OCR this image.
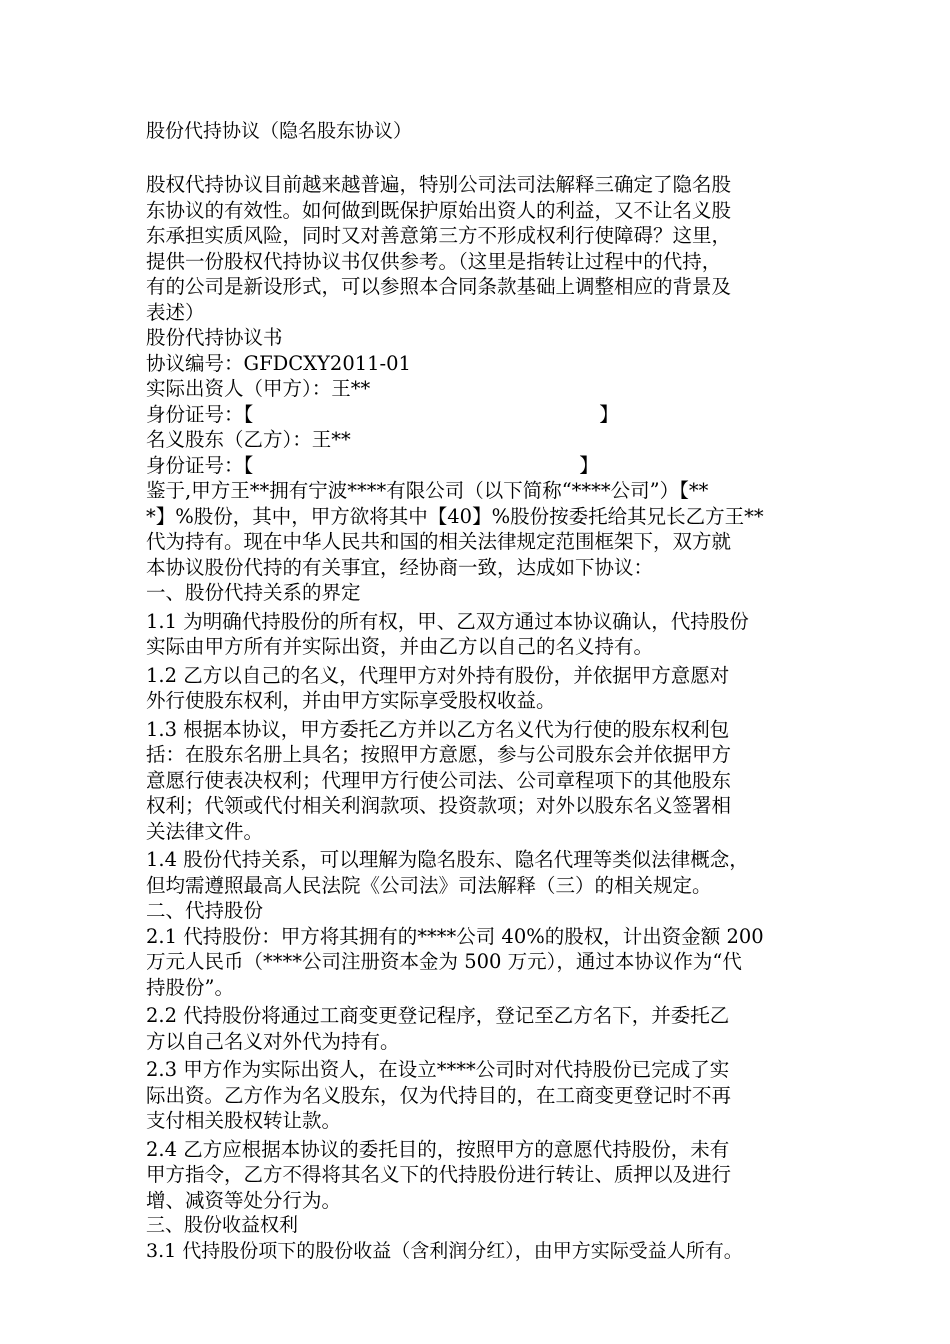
股份代持协议（隐名股东协议）

股权代持协议目前越来越普遍，特别公司法司法解释三确定了隐名股
东协议的有效性。如何做到既保护原始出资人的利益，又不让名义股
东承担实质风险，同时又对善意第三方不形成权利行使障碍？这里，
提供一份股权代持协议书仅供参考。（这里是指转让过程中的代持，
有的公司是新设形式，可以参照本合同条款基础上调整相应的背景及
表述）
股份代持协议书
协议编号：GFDCXY2011-01
实际出资人（甲方）：王**
身份证号：【	】
名义股东（乙方）：王**
身份证号：【	】
鉴于,甲方王**拥有宁波****有限公司（以下简称“****公司”）【**
*】%股份，其中，甲方欲将其中【40】%股份按委托给其兄长乙方王**
代为持有。现在中华人民共和国的相关法律规定范围框架下，双方就
本协议股份代持的有关事宜，经协商一致，达成如下协议：
一、股份代持关系的界定
1.1 为明确代持股份的所有权，甲、乙双方通过本协议确认，代持股份
实际由甲方所有并实际出资，并由乙方以自己的名义持有。
1.2 乙方以自己的名义，代理甲方对外持有股份，并依据甲方意愿对
外行使股东权利，并由甲方实际享受股权收益。
1.3 根据本协议，甲方委托乙方并以乙方名义代为行使的股东权利包
括：在股东名册上具名；按照甲方意愿，参与公司股东会并依据甲方
意愿行使表决权利；代理甲方行使公司法、公司章程项下的其他股东
权利；代领或代付相关利润款项、投资款项；对外以股东名义签署相
关法律文件。
1.4 股份代持关系，可以理解为隐名股东、隐名代理等类似法律概念，
但均需遵照最高人民法院《公司法》司法解释（三）的相关规定。
二、代持股份
2.1 代持股份：甲方将其拥有的****公司 40%的股权，计出资金额 200
万元人民币（****公司注册资本金为 500 万元），通过本协议作为“代
持股份”。
2.2 代持股份将通过工商变更登记程序，登记至乙方名下，并委托乙
方以自己名义对外代为持有。
2.3 甲方作为实际出资人，在设立****公司时对代持股份已完成了实
际出资。乙方作为名义股东，仅为代持目的，在工商变更登记时不再
支付相关股权转让款。
2.4 乙方应根据本协议的委托目的，按照甲方的意愿代持股份，未有
甲方指令，乙方不得将其名义下的代持股份进行转让、质押以及进行
增、减资等处分行为。
三、股份收益权利
3.1 代持股份项下的股份收益（含利润分红），由甲方实际受益人所有。
